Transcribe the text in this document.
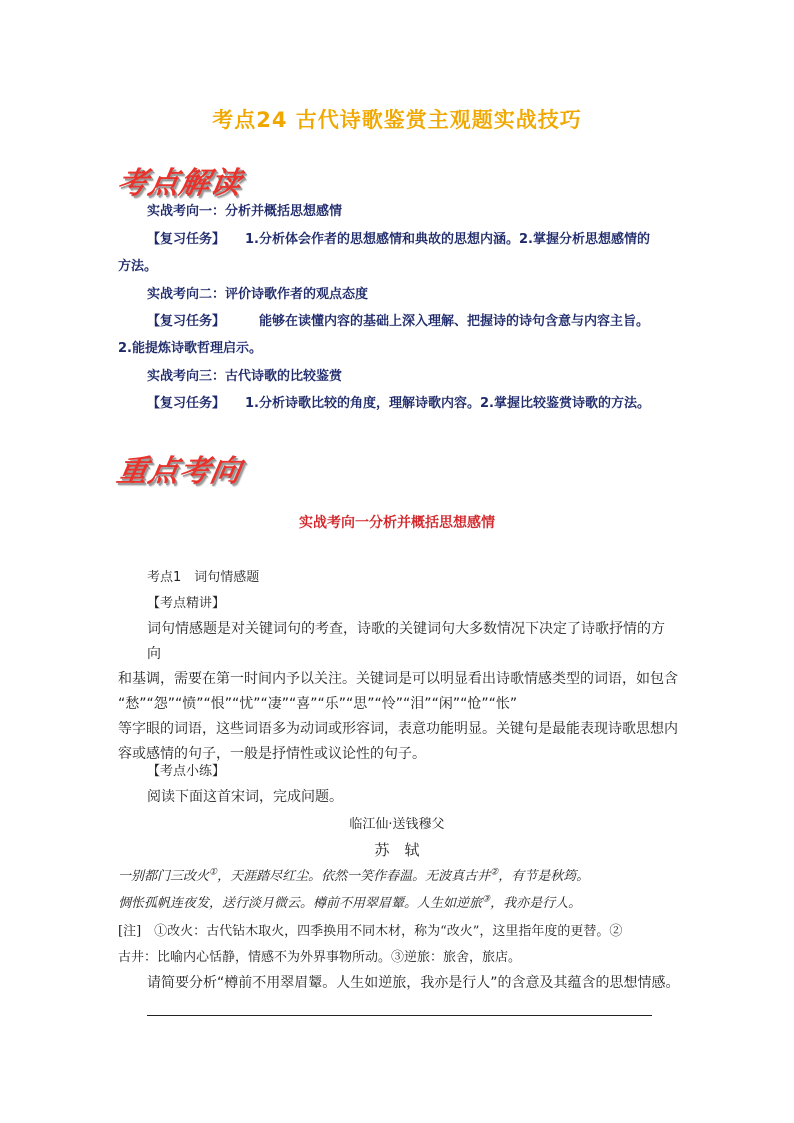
考点24 古代诗歌鉴赏主观题实战技巧
考点解读
实战考向一：分析并概括思想感情
【复习任务】 1.分析体会作者的思想感情和典故的思想内涵。2.掌握分析思想感情的
方法。
实战考向二：评价诗歌作者的观点态度
【复习任务】	能够在读懂内容的基础上深入理解、把握诗的诗句含意与内容主旨。
2.能提炼诗歌哲理启示。
实战考向三：古代诗歌的比较鉴赏
【复习任务】 1.分析诗歌比较的角度，理解诗歌内容。2.掌握比较鉴赏诗歌的方法。
重点考向
实战考向一分析并概括思想感情
考点1　词句情感题
【考点精讲】
词句情感题是对关键词句的考查，诗歌的关键词句大多数情况下决定了诗歌抒情的方向
和基调，需要在第一时间内予以关注。关键词是可以明显看出诗歌情感类型的词语，如包含
“愁”“怨”“愤”“恨”“忧”“凄”“喜”“乐”“思”“怜”“泪”“闲”“怆”“怅”
等字眼的词语，这些词语多为动词或形容词，表意功能明显。关键句是最能表现诗歌思想内
容或感情的句子，一般是抒情性或议论性的句子。
【考点小练】
阅读下面这首宋词，完成问题。
临江仙·送钱穆父
苏　轼
一别都门三改火①，天涯踏尽红尘。依然一笑作春温。无波真古井②，有节是秋筠。
惆怅孤帆连夜发，送行淡月微云。樽前不用翠眉颦。人生如逆旅③，我亦是行人。
[注]　①改火：古代钻木取火，四季换用不同木材，称为“改火”，这里指年度的更替。②
古井：比喻内心恬静，情感不为外界事物所动。③逆旅：旅舍，旅店。
请简要分析“樽前不用翠眉颦。人生如逆旅，我亦是行人”的含意及其蕴含的思想情感。
